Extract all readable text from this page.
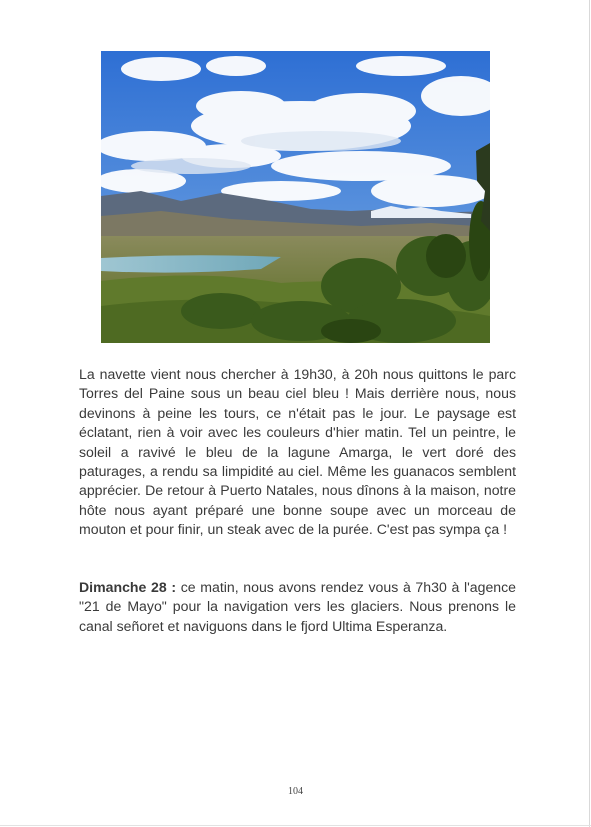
La navette vient nous chercher à 19h30, à 20h nous quittons le parc Torres del Paine sous un beau ciel bleu ! Mais derrière nous, nous devinons à peine les tours, ce n'était pas le jour. Le paysage est éclatant, rien à voir avec les couleurs d'hier matin. Tel un peintre, le soleil a ravivé le bleu de la lagune Amarga, le vert doré des paturages, a rendu sa limpidité au ciel. Même les guanacos semblent apprécier. De retour à Puerto Natales, nous dînons à la maison, notre hôte nous ayant préparé une bonne soupe avec un morceau de mouton et pour finir, un steak avec de la purée. C'est pas sympa ça !

Dimanche 28 : ce matin, nous avons rendez vous à 7h30 à l'agence "21 de Mayo" pour la navigation vers les glaciers. Nous prenons le canal señoret et naviguons dans le fjord Ultima Esperanza.

104
